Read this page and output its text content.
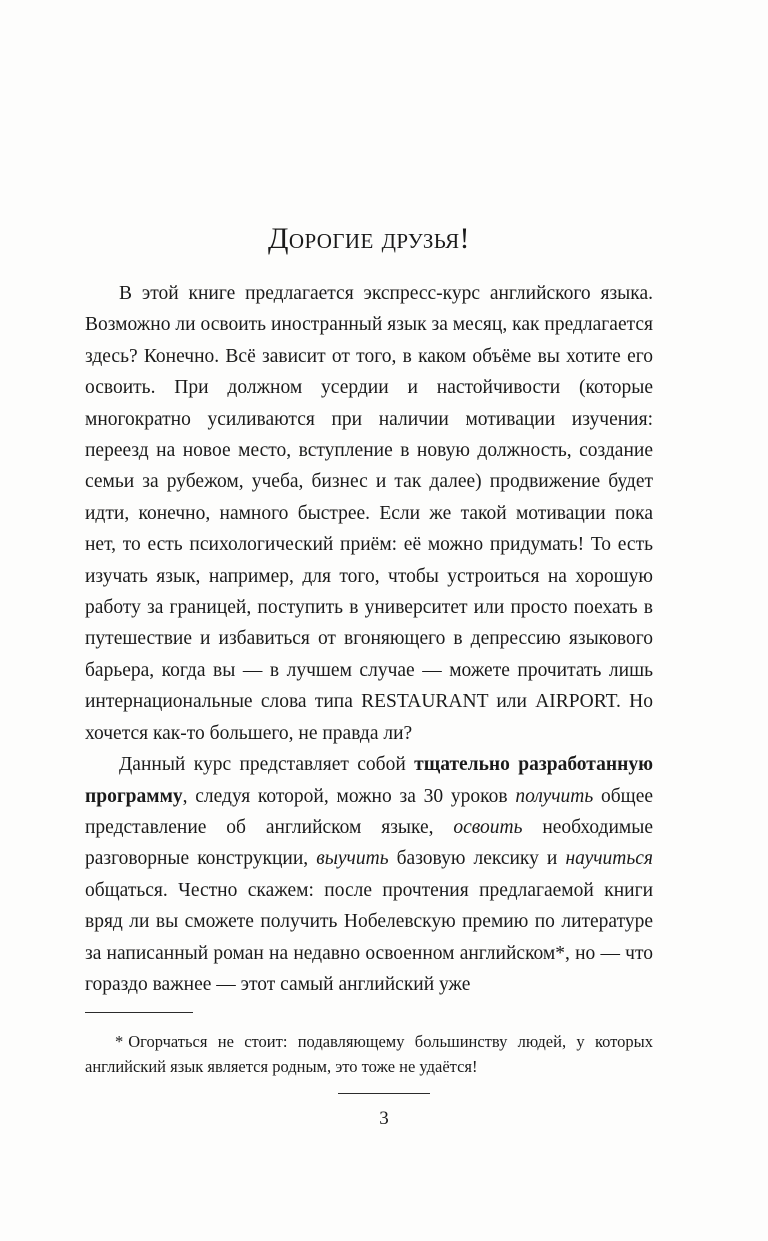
Дорогие друзья!

В этой книге предлагается экспресс-курс английского языка. Возможно ли освоить иностранный язык за месяц, как предлагается здесь? Конечно. Всё зависит от того, в каком объёме вы хотите его освоить. При должном усердии и настойчивости (которые многократно усиливаются при наличии мотивации изучения: переезд на новое место, вступление в новую должность, создание семьи за рубежом, учеба, бизнес и так далее) продвижение будет идти, конечно, намного быстрее. Если же такой мотивации пока нет, то есть психологический приём: её можно придумать! То есть изучать язык, например, для того, чтобы устроиться на хорошую работу за границей, поступить в университет или просто поехать в путешествие и избавиться от вгоняющего в депрессию языкового барьера, когда вы — в лучшем случае — можете прочитать лишь интернациональные слова типа RESTAURANT или AIRPORT. Но хочется как-то большего, не правда ли?

Данный курс представляет собой тщательно разработанную программу, следуя которой, можно за 30 уроков получить общее представление об английском языке, освоить необходимые разговорные конструкции, выучить базовую лексику и научиться общаться. Честно скажем: после прочтения предлагаемой книги вряд ли вы сможете получить Нобелевскую премию по литературе за написанный роман на недавно освоенном английском*, но — что гораздо важнее — этот самый английский уже

* Огорчаться не стоит: подавляющему большинству людей, у которых английский язык является родным, это тоже не удаётся!

3
